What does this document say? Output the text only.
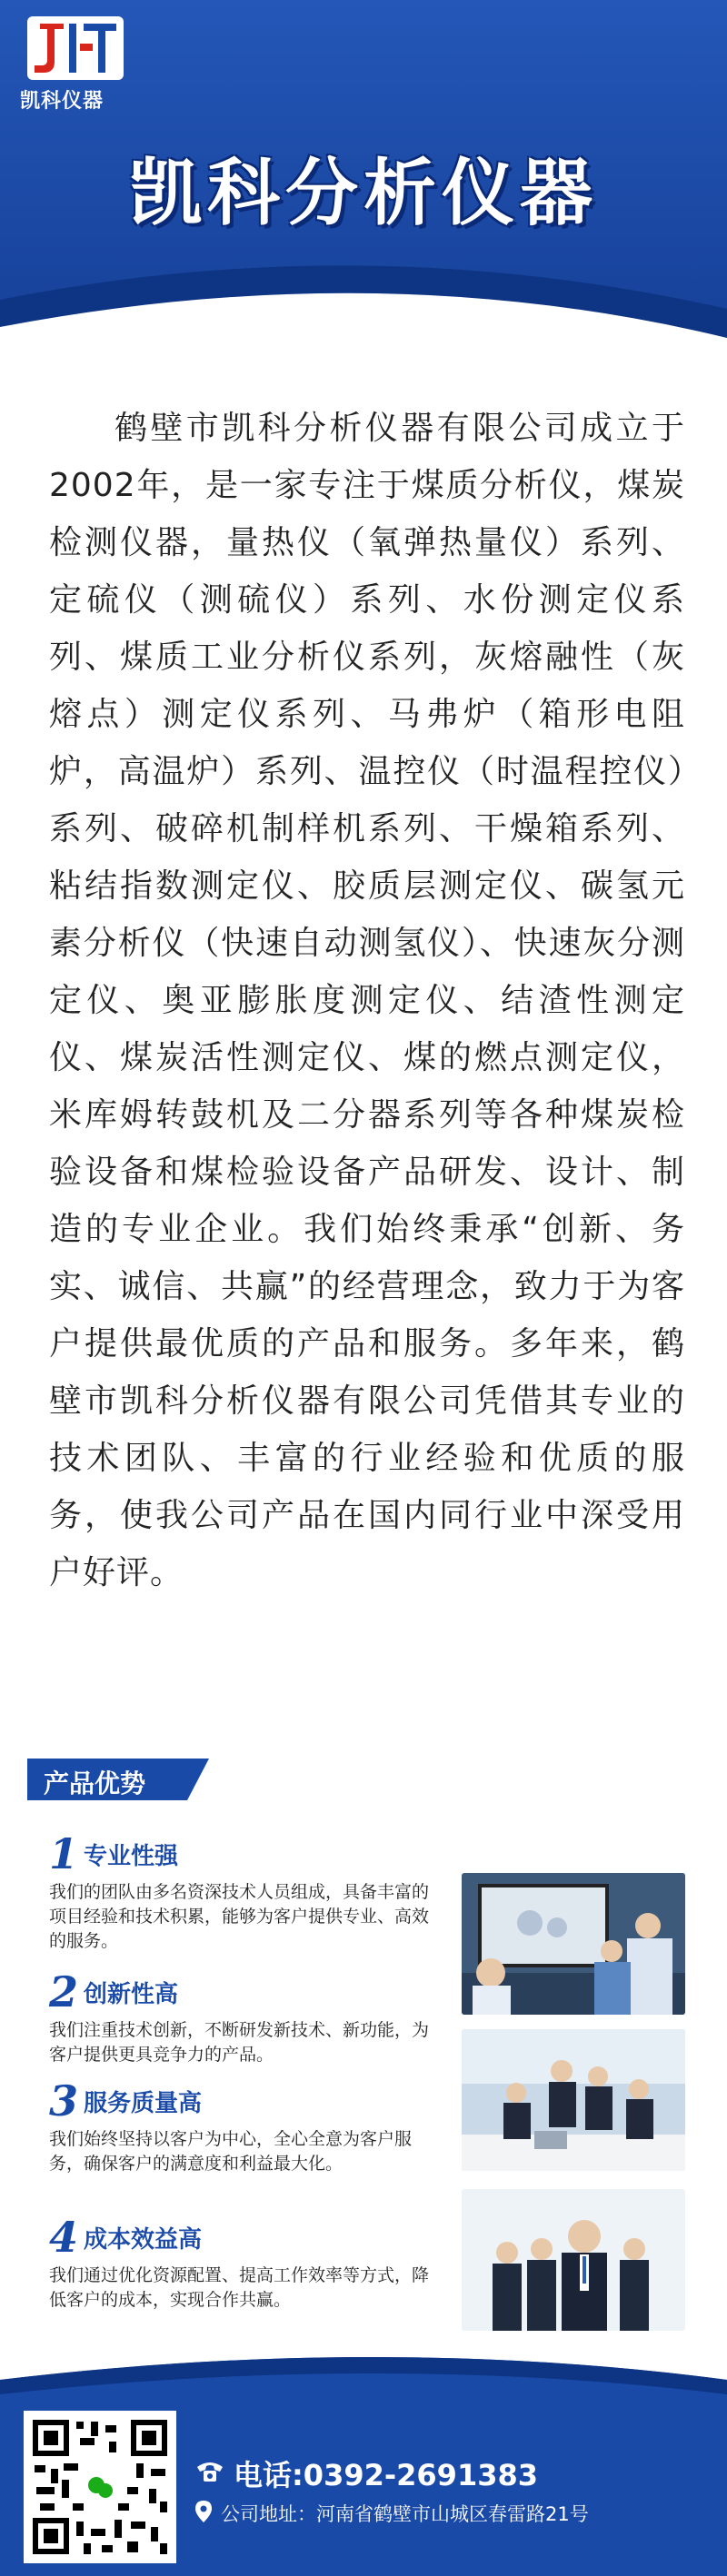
凯科仪器
凯科分析仪器
鹤壁市凯科分析仪器有限公司成立于2002年，是一家专注于煤质分析仪，煤炭检测仪器，量热仪（氧弹热量仪）系列、定硫仪（测硫仪）系列、水份测定仪系列、煤质工业分析仪系列，灰熔融性（灰熔点）测定仪系列、马弗炉（箱形电阻炉，高温炉）系列、温控仪（时温程控仪）系列、破碎机制样机系列、干燥箱系列、粘结指数测定仪、胶质层测定仪、碳氢元素分析仪（快速自动测氢仪）、快速灰分测定仪、奥亚膨胀度测定仪、结渣性测定仪、煤炭活性测定仪、煤的燃点测定仪，米库姆转鼓机及二分器系列等各种煤炭检验设备和煤检验设备产品研发、设计、制造的专业企业。我们始终秉承“创新、务实、诚信、共赢”的经营理念，致力于为客户提供最优质的产品和服务。多年来，鹤壁市凯科分析仪器有限公司凭借其专业的技术团队、丰富的行业经验和优质的服务，使我公司产品在国内同行业中深受用户好评。
产品优势
1 专业性强
我们的团队由多名资深技术人员组成，具备丰富的项目经验和技术积累，能够为客户提供专业、高效的服务。
2 创新性高
我们注重技术创新，不断研发新技术、新功能，为客户提供更具竞争力的产品。
3 服务质量高
我们始终坚持以客户为中心，全心全意为客户服务，确保客户的满意度和利益最大化。
4 成本效益高
我们通过优化资源配置、提高工作效率等方式，降低客户的成本，实现合作共赢。
电话:0392-2691383
公司地址：河南省鹤壁市山城区春雷路21号
